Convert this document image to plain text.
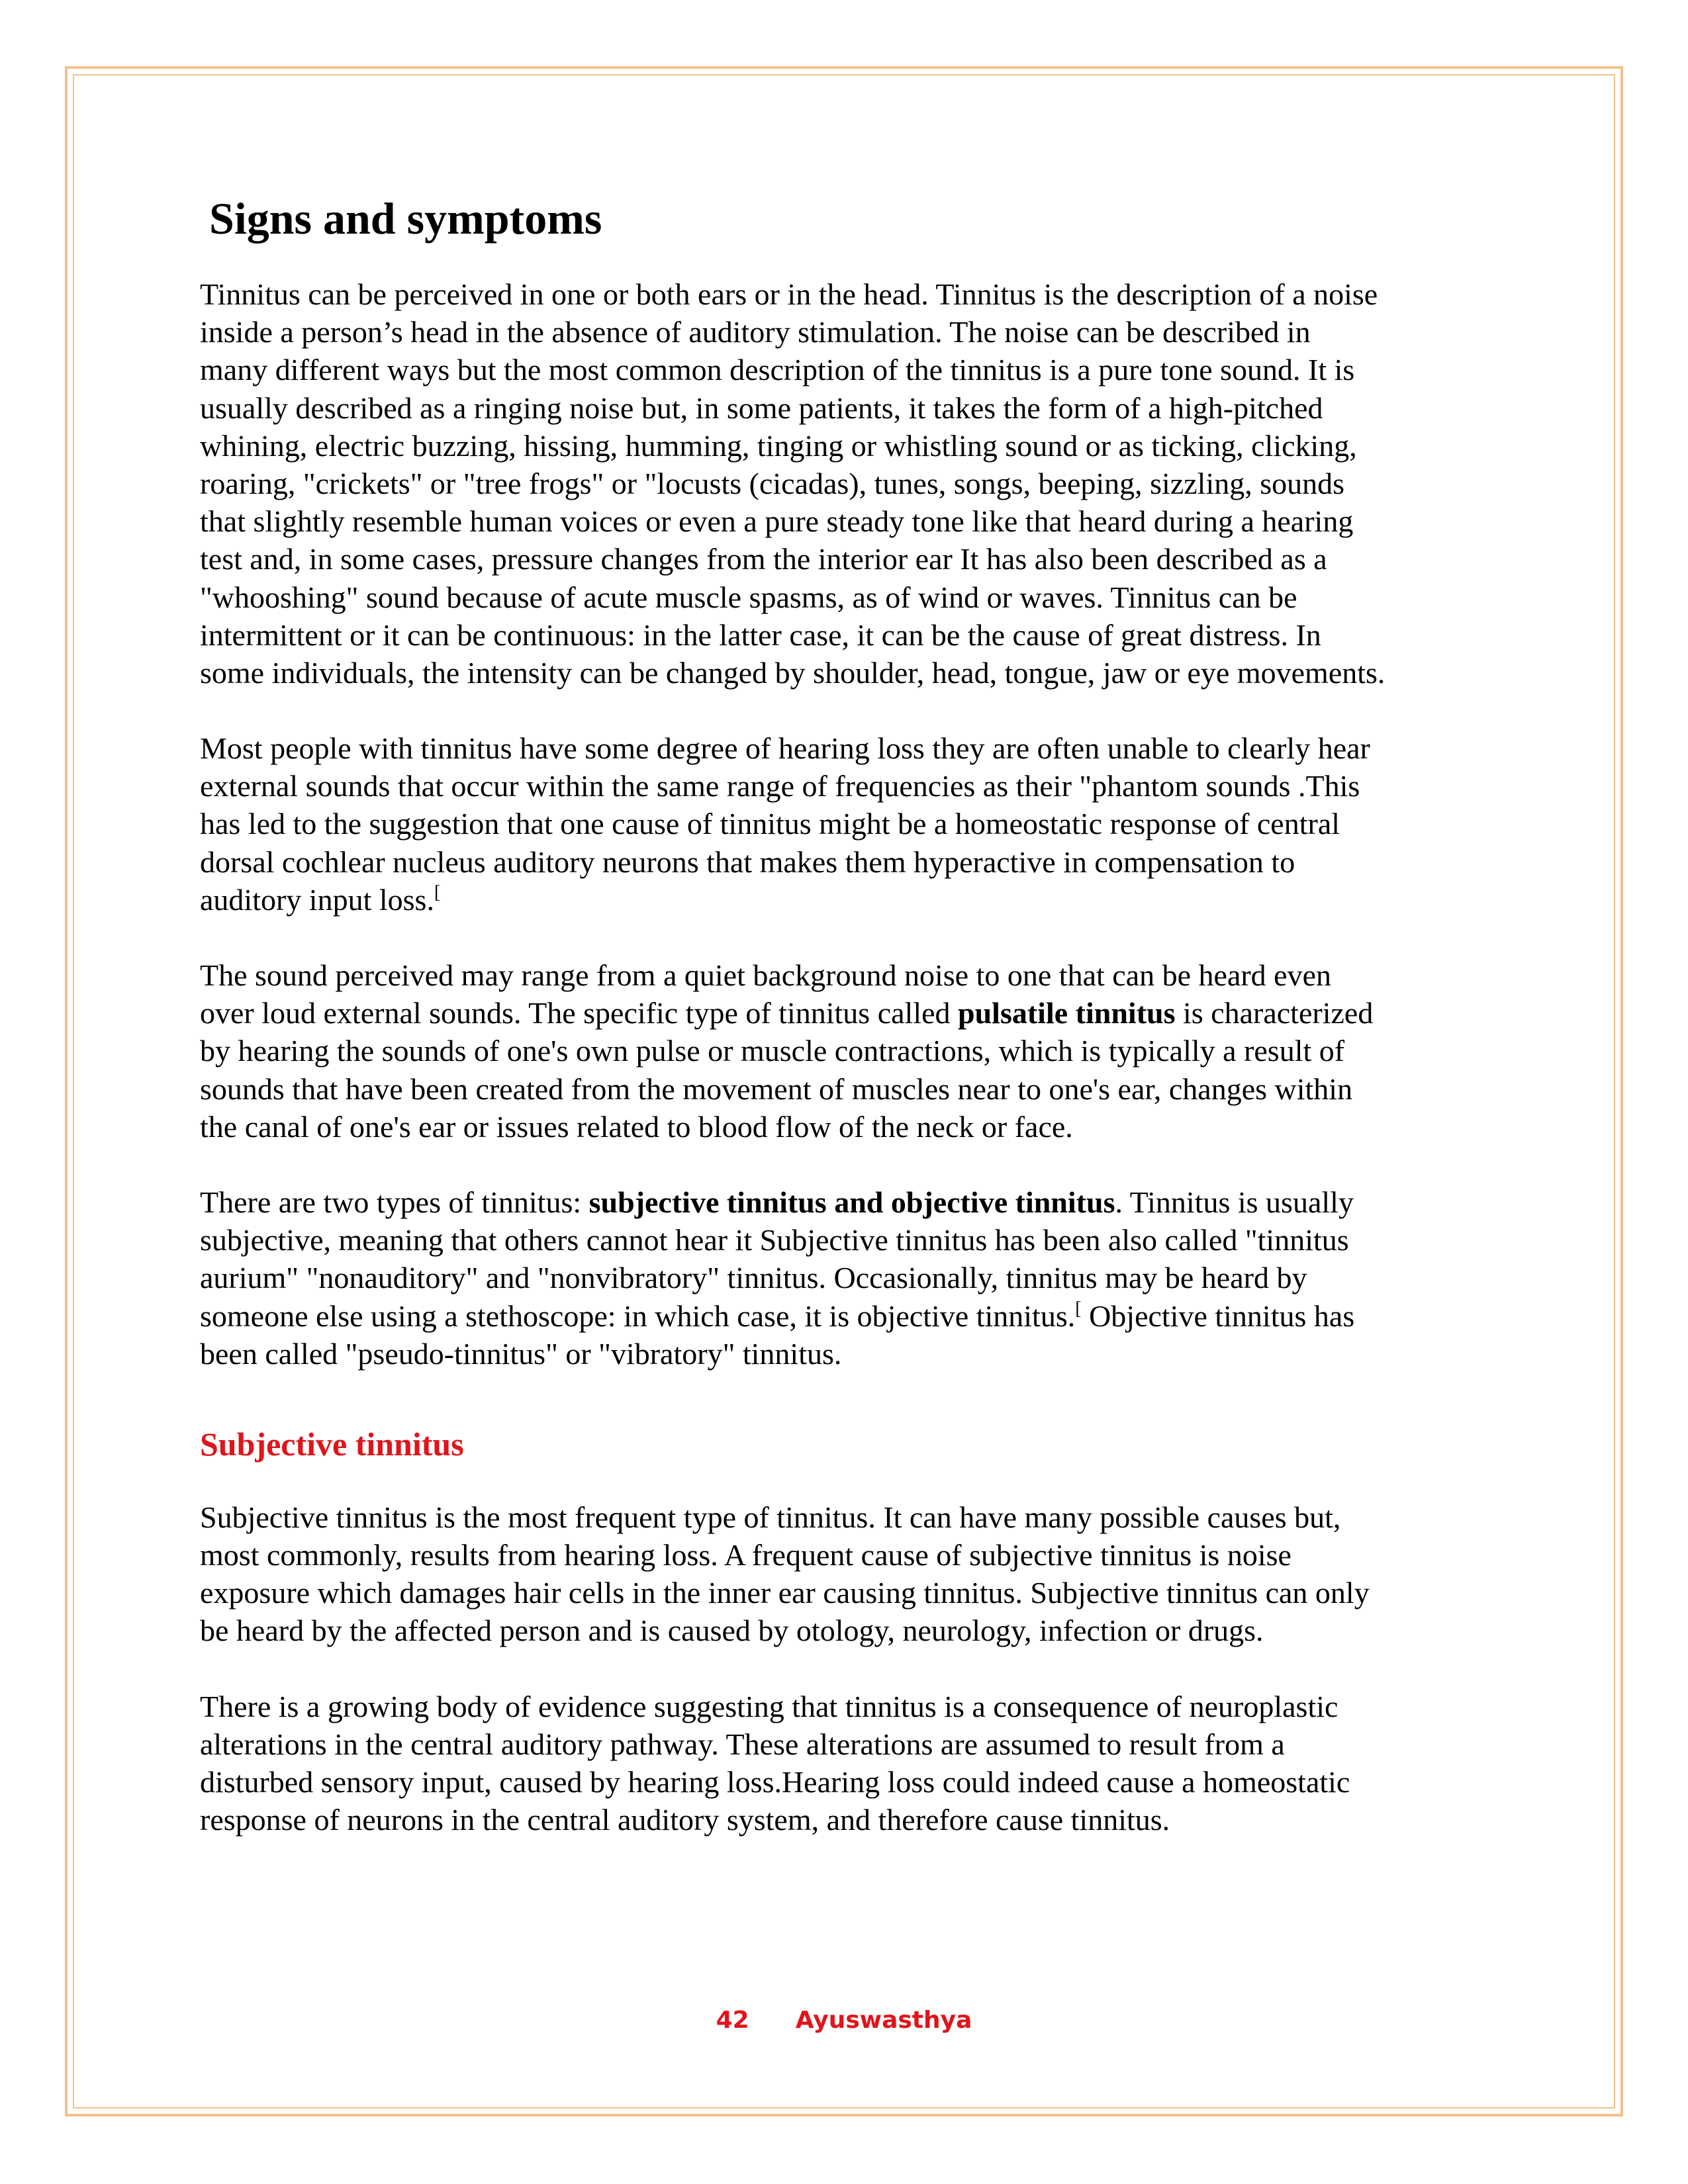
Signs and symptoms
Tinnitus can be perceived in one or both ears or in the head. Tinnitus is the description of a noise
inside a person’s head in the absence of auditory stimulation. The noise can be described in
many different ways but the most common description of the tinnitus is a pure tone sound. It is
usually described as a ringing noise but, in some patients, it takes the form of a high-pitched
whining, electric buzzing, hissing, humming, tinging or whistling sound or as ticking, clicking,
roaring, "crickets" or "tree frogs" or "locusts (cicadas), tunes, songs, beeping, sizzling, sounds
that slightly resemble human voices or even a pure steady tone like that heard during a hearing
test and, in some cases, pressure changes from the interior ear It has also been described as a
"whooshing" sound because of acute muscle spasms, as of wind or waves. Tinnitus can be
intermittent or it can be continuous: in the latter case, it can be the cause of great distress. In
some individuals, the intensity can be changed by shoulder, head, tongue, jaw or eye movements.
Most people with tinnitus have some degree of hearing loss they are often unable to clearly hear
external sounds that occur within the same range of frequencies as their "phantom sounds .This
has led to the suggestion that one cause of tinnitus might be a homeostatic response of central
dorsal cochlear nucleus auditory neurons that makes them hyperactive in compensation to
auditory input loss.[
The sound perceived may range from a quiet background noise to one that can be heard even
over loud external sounds. The specific type of tinnitus called pulsatile tinnitus is characterized
by hearing the sounds of one's own pulse or muscle contractions, which is typically a result of
sounds that have been created from the movement of muscles near to one's ear, changes within
the canal of one's ear or issues related to blood flow of the neck or face.
There are two types of tinnitus: subjective tinnitus and objective tinnitus. Tinnitus is usually
subjective, meaning that others cannot hear it Subjective tinnitus has been also called "tinnitus
aurium" "nonauditory" and "nonvibratory" tinnitus. Occasionally, tinnitus may be heard by
someone else using a stethoscope: in which case, it is objective tinnitus.[ Objective tinnitus has
been called "pseudo-tinnitus" or "vibratory" tinnitus.
Subjective tinnitus
Subjective tinnitus is the most frequent type of tinnitus. It can have many possible causes but,
most commonly, results from hearing loss. A frequent cause of subjective tinnitus is noise
exposure which damages hair cells in the inner ear causing tinnitus. Subjective tinnitus can only
be heard by the affected person and is caused by otology, neurology, infection or drugs.
There is a growing body of evidence suggesting that tinnitus is a consequence of neuroplastic
alterations in the central auditory pathway. These alterations are assumed to result from a
disturbed sensory input, caused by hearing loss.Hearing loss could indeed cause a homeostatic
response of neurons in the central auditory system, and therefore cause tinnitus.
42 Ayuswasthya
